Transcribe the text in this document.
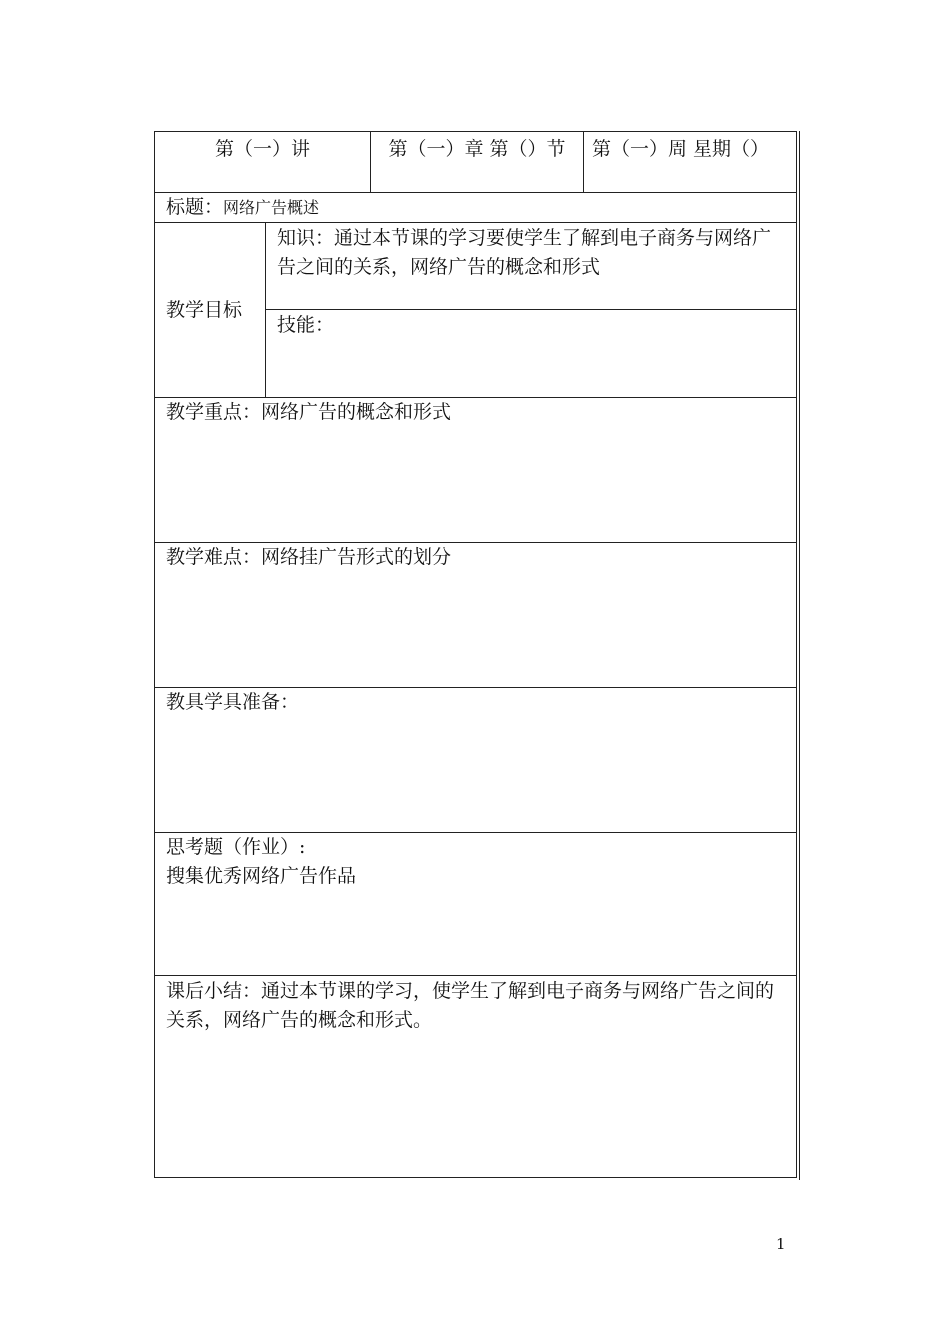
第（一）讲	第（一）章 第（）节	第（一）周 星期（）
标题：网络广告概述
教学目标
知识：通过本节课的学习要使学生了解到电子商务与网络广告之间的关系，网络广告的概念和形式
技能：
教学重点：网络广告的概念和形式
教学难点：网络挂广告形式的划分
教具学具准备：
思考题（作业）:
搜集优秀网络广告作品
课后小结：通过本节课的学习，使学生了解到电子商务与网络广告之间的关系，网络广告的概念和形式。
1
